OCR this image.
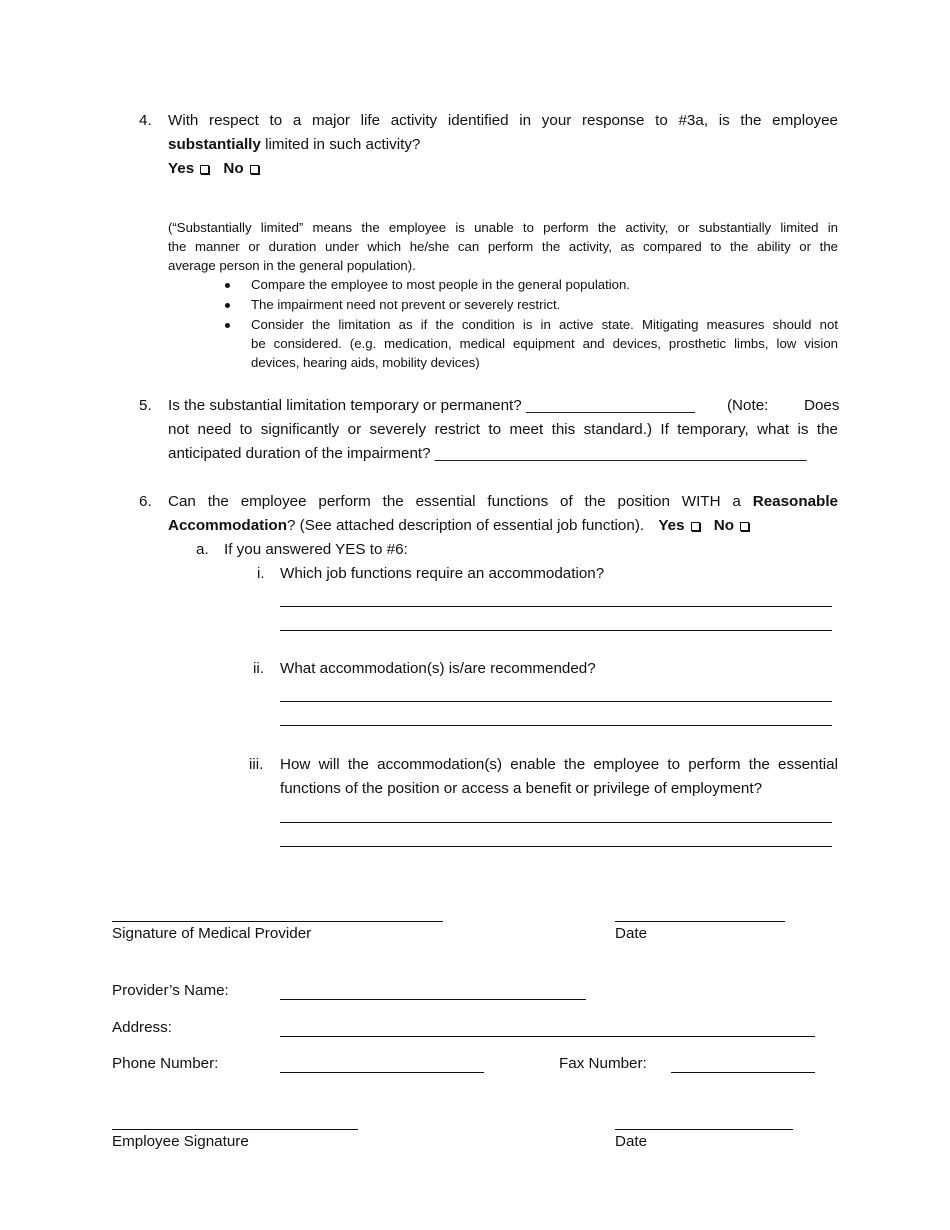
4. With respect to a major life activity identified in your response to #3a, is the employee
substantially limited in such activity?
Yes No
(“Substantially limited” means the employee is unable to perform the activity, or substantially limited in
the manner or duration under which he/she can perform the activity, as compared to the ability or the
average person in the general population).
Compare the employee to most people in the general population.
The impairment need not prevent or severely restrict.
Consider the limitation as if the condition is in active state. Mitigating measures should not
be considered. (e.g. medication, medical equipment and devices, prosthetic limbs, low vision
devices, hearing aids, mobility devices)
5. Is the substantial limitation temporary or permanent? ____________________ (Note: Does
not need to significantly or severely restrict to meet this standard.) If temporary, what is the
anticipated duration of the impairment? ____________________________________________
6. Can the employee perform the essential functions of the position WITH a Reasonable
Accommodation? (See attached description of essential job function). Yes No
a. If you answered YES to #6:
i. Which job functions require an accommodation?
ii. What accommodation(s) is/are recommended?
iii. How will the accommodation(s) enable the employee to perform the essential
functions of the position or access a benefit or privilege of employment?
Signature of Medical Provider	Date
Provider’s Name:
Address:
Phone Number:	Fax Number:
Employee Signature	Date
